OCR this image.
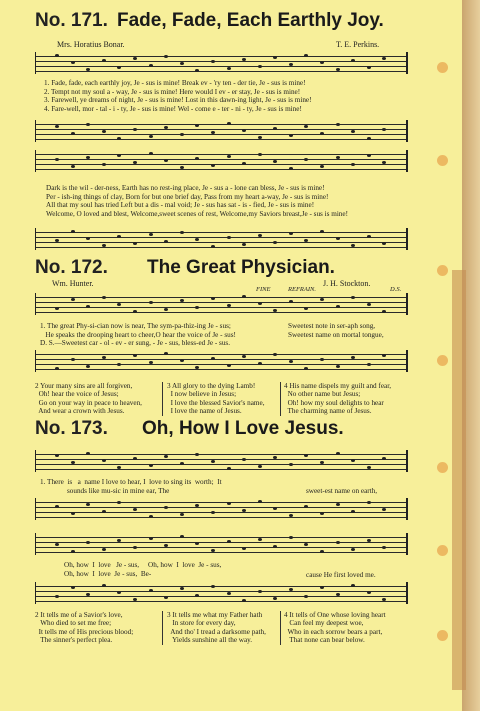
No. 171. Fade, Fade, Each Earthly Joy.
Mrs. Horatius Bonar.	T. E. Perkins.
1. Fade, fade, each earthly joy, Je - sus is mine! Break ev - 'ry ten - der tie, Je - sus is mine!
2. Tempt not my soul a - way, Je - sus is mine! Here would I ev - er stay, Je - sus is mine!
3. Farewell, ye dreams of night, Je - sus is mine! Lost in this dawn-ing light, Je - sus is mine!
4. Fare-well, mor - tal - i - ty, Je - sus is mine! Wel - come e - ter - ni - ty, Je - sus is mine!
Dark is the wil - der-ness, Earth has no rest-ing place, Je - sus a - lone can bless, Je - sus is mine!
Per - ish-ing things of clay, Born for but one brief day, Pass from my heart a-way, Je - sus is mine!
All that my soul has tried Left but a dis - mal void; Je - sus has sat - is - fied, Je - sus is mine!
Welcome, O loved and blest, Welcome,sweet scenes of rest, Welcome,my Saviors breast,Je - sus is mine!
No. 172. The Great Physician.
Wm. Hunter.	J. H. Stockton.
FINE	REFRAIN.	D.S.
1. The great Phy-si-cian now is near, The sym-pa-thiz-ing Je - sus;
He speaks the drooping heart to cheer,O hear the voice of Je - sus!
D. S.—Sweetest car - ol - ev - er sung, - Je - sus, bless-ed Je - sus.
Sweetest note in ser-aph song,
Sweetest name on mortal tongue,
2 Your many sins are all forgiven,
Oh! hear the voice of Jesus;
Go on your way in peace to heaven,
And wear a crown with Jesus.
3 All glory to the dying Lamb!
I now believe in Jesus;
I love the blessed Savior's name,
I love the name of Jesus.
4 His name dispels my guilt and fear,
No other name but Jesus;
Oh! how my soul delights to hear
The charming name of Jesus.
No. 173. Oh, How I Love Jesus.
1. There  is   a  name I love to hear, I  love to sing its  worth;  It
sounds like mu-sic in mine ear, The	sweet-est name on earth,
Oh, how  I  love   Je - sus,     Oh, how  I  love  Je - sus,
Oh, how  I  love  Je - sus,  Be-	cause He first loved me.
2 It tells me of a Savior's love,
Who died to set me free;
It tells me of His precious blood;
The sinner's perfect plea.
3 It tells me what my Father hath
In store for every day,
And tho' I tread a darksome path,
Yields sunshine all the way.
4 It tells of One whose loving heart
Can feel my deepest woe,
Who in each sorrow bears a part,
That none can bear below.
